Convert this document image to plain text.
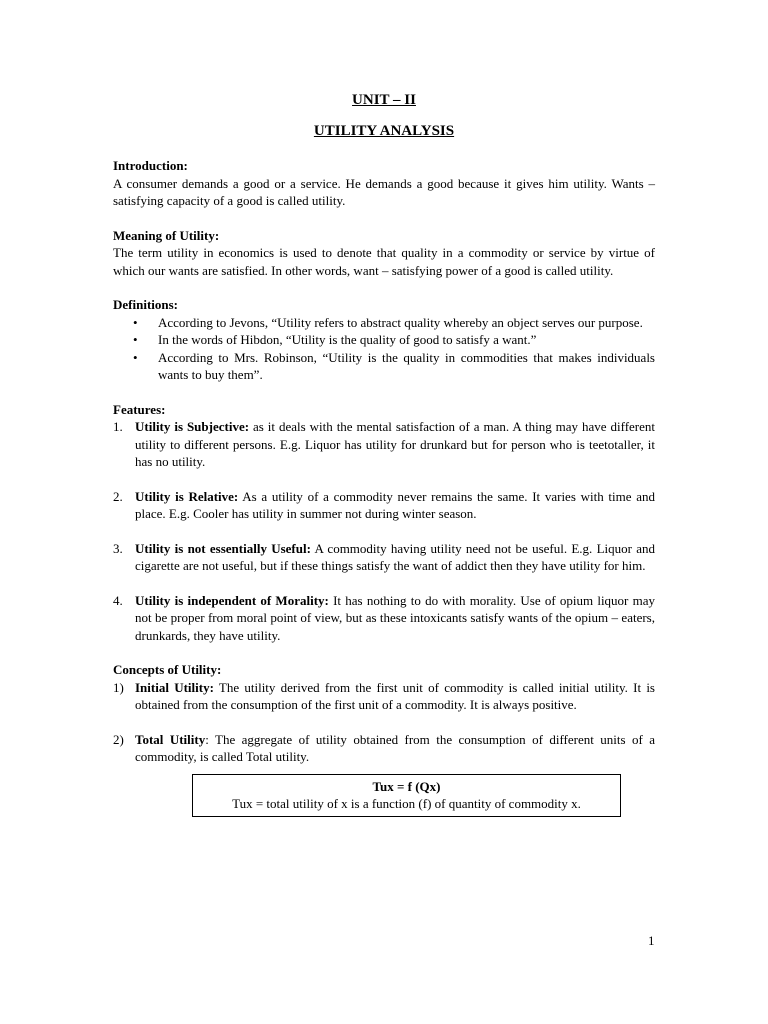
UNIT – II
UTILITY ANALYSIS
Introduction:
A consumer demands a good or a service. He demands a good because it gives him utility. Wants – satisfying capacity of a good is called utility.
Meaning of Utility:
The term utility in economics is used to denote that quality in a commodity or service by virtue of which our wants are satisfied. In other words, want – satisfying power of a good is called utility.
Definitions:
• According to Jevons, “Utility refers to abstract quality whereby an object serves our purpose.
• In the words of Hibdon, “Utility is the quality of good to satisfy a want.”
• According to Mrs. Robinson, “Utility is the quality in commodities that makes individuals wants to buy them”.
Features:
1. Utility is Subjective: as it deals with the mental satisfaction of a man. A thing may have different utility to different persons. E.g. Liquor has utility for drunkard but for person who is teetotaller, it has no utility.
2. Utility is Relative: As a utility of a commodity never remains the same. It varies with time and place. E.g. Cooler has utility in summer not during winter season.
3. Utility is not essentially Useful: A commodity having utility need not be useful. E.g. Liquor and cigarette are not useful, but if these things satisfy the want of addict then they have utility for him.
4. Utility is independent of Morality: It has nothing to do with morality. Use of opium liquor may not be proper from moral point of view, but as these intoxicants satisfy wants of the opium – eaters, drunkards, they have utility.
Concepts of Utility:
1) Initial Utility: The utility derived from the first unit of commodity is called initial utility. It is obtained from the consumption of the first unit of a commodity. It is always positive.
2) Total Utility: The aggregate of utility obtained from the consumption of different units of a commodity, is called Total utility.
Tux = f (Qx)
Tux = total utility of x is a function (f) of quantity of commodity x.
1
